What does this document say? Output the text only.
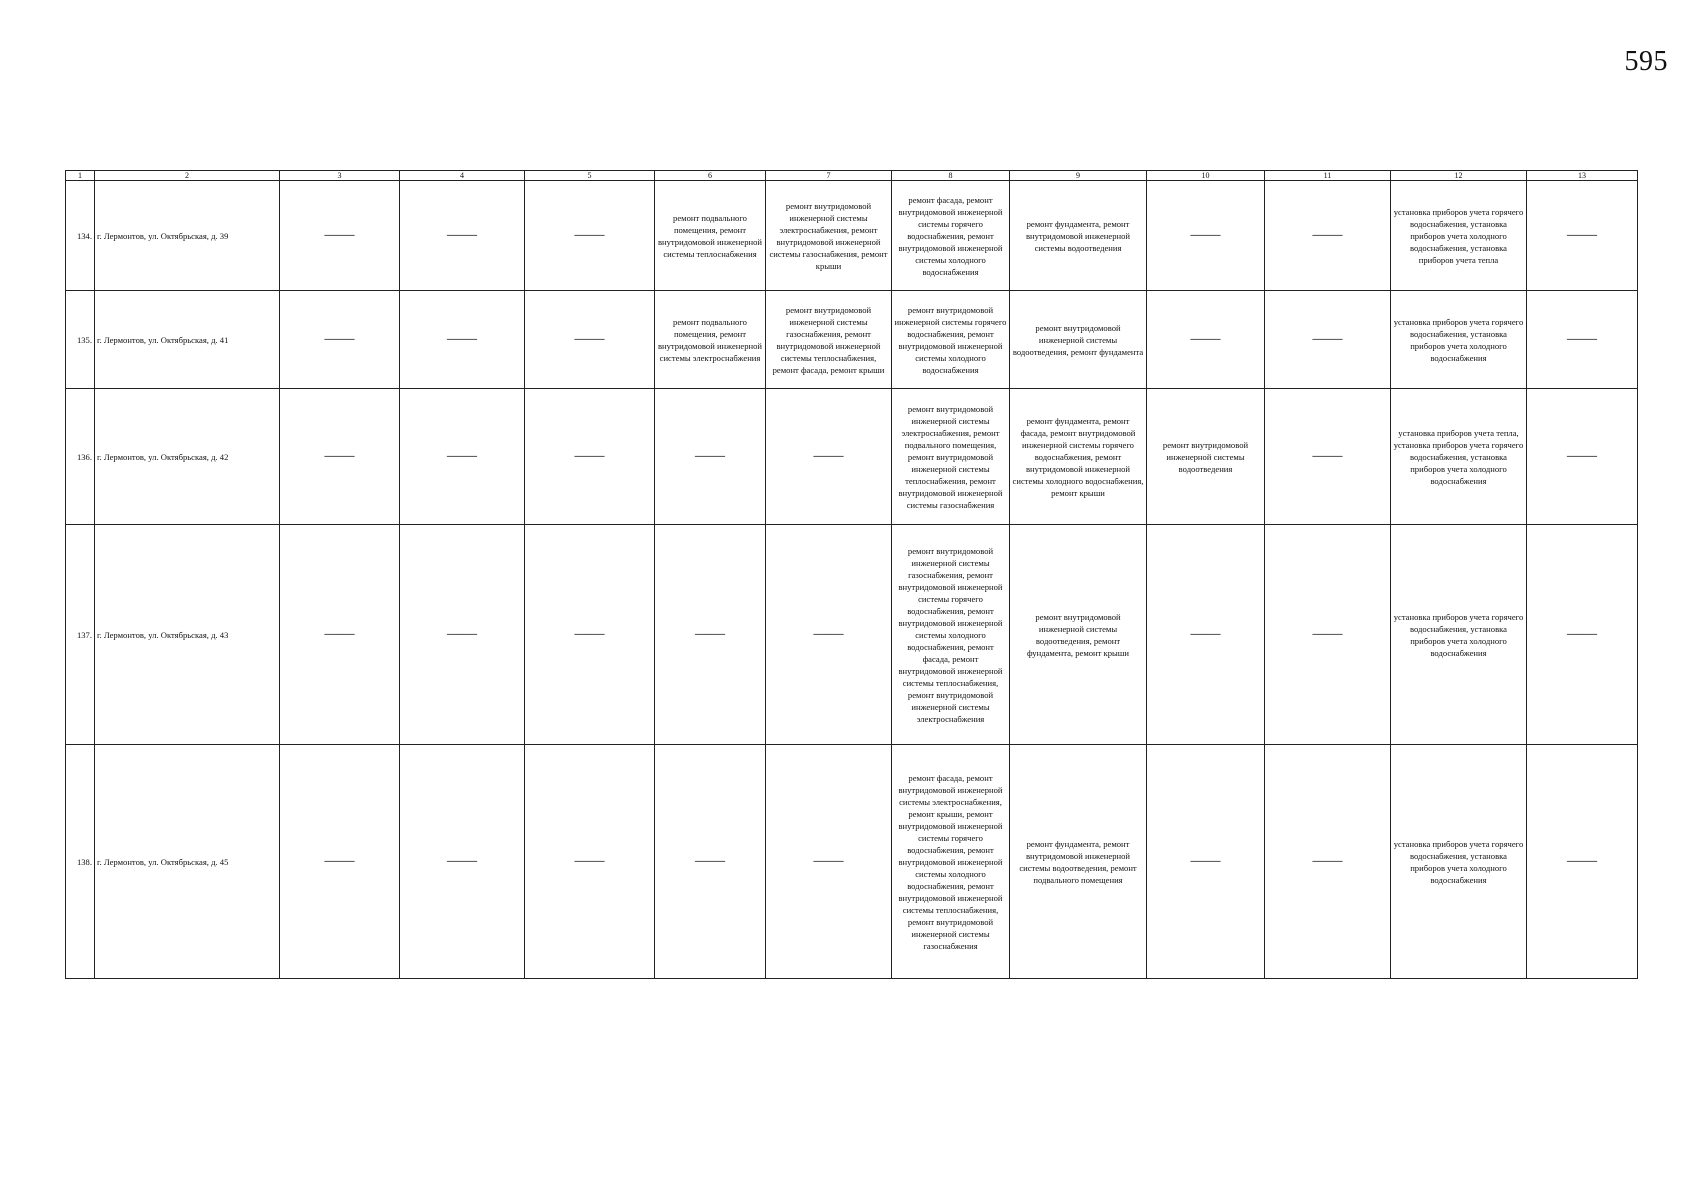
595
1	2	3	4	5	6	7	8	9	10	11	12	13
134.	г. Лермонтов, ул. Октябрьская, д. 39	——	——	——	ремонт подвального помещения, ремонт внутридомовой инженерной системы теплоснабжения	ремонт внутридомовой инженерной системы электроснабжения, ремонт внутридомовой инженерной системы газоснабжения, ремонт крыши	ремонт фасада, ремонт внутридомовой инженерной системы горячего водоснабжения, ремонт внутридомовой инженерной системы холодного водоснабжения	ремонт фундамента, ремонт внутридомовой инженерной системы водоотведения	——	——	установка приборов учета горячего водоснабжения, установка приборов учета холодного водоснабжения, установка приборов учета тепла	——
135.	г. Лермонтов, ул. Октябрьская, д. 41	——	——	——	ремонт подвального помещения, ремонт внутридомовой инженерной системы электроснабжения	ремонт внутридомовой инженерной системы газоснабжения, ремонт внутридомовой инженерной системы теплоснабжения, ремонт фасада, ремонт крыши	ремонт внутридомовой инженерной системы горячего водоснабжения, ремонт внутридомовой инженерной системы холодного водоснабжения	ремонт внутридомовой инженерной системы водоотведения, ремонт фундамента	——	——	установка приборов учета горячего водоснабжения, установка приборов учета холодного водоснабжения	——
136.	г. Лермонтов, ул. Октябрьская, д. 42	——	——	——	——	——	ремонт внутридомовой инженерной системы электроснабжения, ремонт подвального помещения, ремонт внутридомовой инженерной системы теплоснабжения, ремонт внутридомовой инженерной системы газоснабжения	ремонт фундамента, ремонт фасада, ремонт внутридомовой инженерной системы горячего водоснабжения, ремонт внутридомовой инженерной системы холодного водоснабжения, ремонт крыши	ремонт внутридомовой инженерной системы водоотведения	——	установка приборов учета тепла, установка приборов учета горячего водоснабжения, установка приборов учета холодного водоснабжения	——
137.	г. Лермонтов, ул. Октябрьская, д. 43	——	——	——	——	——	ремонт внутридомовой инженерной системы газоснабжения, ремонт внутридомовой инженерной системы горячего водоснабжения, ремонт внутридомовой инженерной системы холодного водоснабжения, ремонт фасада, ремонт внутридомовой инженерной системы теплоснабжения, ремонт внутридомовой инженерной системы электроснабжения	ремонт внутридомовой инженерной системы водоотведения, ремонт фундамента, ремонт крыши	——	——	установка приборов учета горячего водоснабжения, установка приборов учета холодного водоснабжения	——
138.	г. Лермонтов, ул. Октябрьская, д. 45	——	——	——	——	——	ремонт фасада, ремонт внутридомовой инженерной системы электроснабжения, ремонт крыши, ремонт внутридомовой инженерной системы горячего водоснабжения, ремонт внутридомовой инженерной системы холодного водоснабжения, ремонт внутридомовой инженерной системы теплоснабжения, ремонт внутридомовой инженерной системы газоснабжения	ремонт фундамента, ремонт внутридомовой инженерной системы водоотведения, ремонт подвального помещения	——	——	установка приборов учета горячего водоснабжения, установка приборов учета холодного водоснабжения	——
